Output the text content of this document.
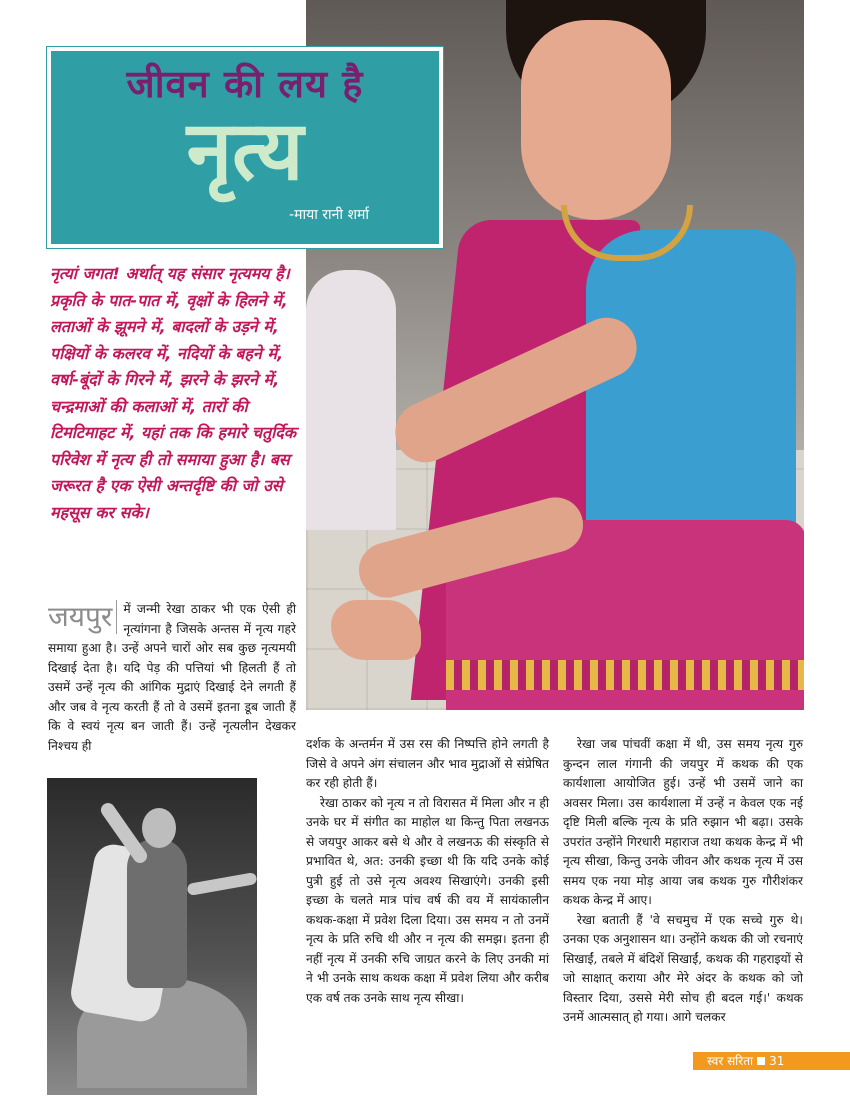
जीवन की लय है
नृत्य
-माया रानी शर्मा
नृत्यां जगत! अर्थात् यह संसार नृत्यमय है। प्रकृति के पात-पात में, वृक्षों के हिलने में, लताओं के झूमने में, बादलों के उड़ने में, पक्षियों के कलरव में, नदियों के बहने में, वर्षा-बूंदों के गिरने में, झरने के झरने में, चन्द्रमाओं की कलाओं में, तारों की टिमटिमाहट में, यहां तक कि हमारे चतुर्दिक परिवेश में नृत्य ही तो समाया हुआ है। बस जरूरत है एक ऐसी अन्तर्दृष्टि की जो उसे महसूस कर सके।
जयपुर में जन्मी रेखा ठाकर भी एक ऐसी ही नृत्यांगना है जिसके अन्तस में नृत्य गहरे समाया हुआ है। उन्हें अपने चारों ओर सब कुछ नृत्यमयी दिखाई देता है। यदि पेड़ की पत्तियां भी हिलती हैं तो उसमें उन्हें नृत्य की आंगिक मुद्राएं दिखाई देने लगती हैं और जब वे नृत्य करती हैं तो वे उसमें इतना डूब जाती हैं कि वे स्वयं नृत्य बन जाती हैं। उन्हें नृत्यलीन देखकर निश्चय ही	दर्शक के अन्तर्मन में उस रस की निष्पत्ति होने लगती है जिसे वे अपने अंग संचालन और भाव मुद्राओं से संप्रेषित कर रही होती हैं।

रेखा ठाकर को नृत्य न तो विरासत में मिला और न ही उनके घर में संगीत का माहोल था किन्तु पिता लखनऊ से जयपुर आकर बसे थे और वे लखनऊ की संस्कृति से प्रभावित थे, अत: उनकी इच्छा थी कि यदि उनके कोई पुत्री हुई तो उसे नृत्य अवश्य सिखाएंगे। उनकी इसी इच्छा के चलते मात्र पांच वर्ष की वय में सायंकालीन कथक-कक्षा में प्रवेश दिला दिया। उस समय न तो उनमें नृत्य के प्रति रुचि थी और न नृत्य की समझ। इतना ही नहीं नृत्य में उनकी रुचि जाग्रत करने के लिए उनकी मां ने भी उनके साथ कथक कक्षा में प्रवेश लिया और करीब एक वर्ष तक उनके साथ नृत्य सीखा।

रेखा जब पांचवीं कक्षा में थी, उस समय नृत्य गुरु कुन्दन लाल गंगानी की जयपुर में कथक की एक कार्यशाला आयोजित हुई। उन्हें भी उसमें जाने का अवसर मिला। उस कार्यशाला में उन्हें न केवल एक नई दृष्टि मिली बल्कि नृत्य के प्रति रुझान भी बढ़ा। उसके उपरांत उन्होंने गिरधारी महाराज तथा कथक केन्द्र में भी नृत्य सीखा, किन्तु उनके जीवन और कथक नृत्य में उस समय एक नया मोड़ आया जब कथक गुरु गौरीशंकर कथक केन्द्र में आए।

रेखा बताती हैं 'वे सचमुच में एक सच्चे गुरु थे। उनका एक अनुशासन था। उन्होंने कथक की जो रचनाएं सिखाईं, तबले में बंदिशें सिखाईं, कथक की गहराइयों से जो साक्षात् कराया और मेरे अंदर के कथक को जो विस्तार दिया, उससे मेरी सोच ही बदल गई।' कथक उनमें आत्मसात् हो गया। आगे चलकर

स्वर सरिता 31
